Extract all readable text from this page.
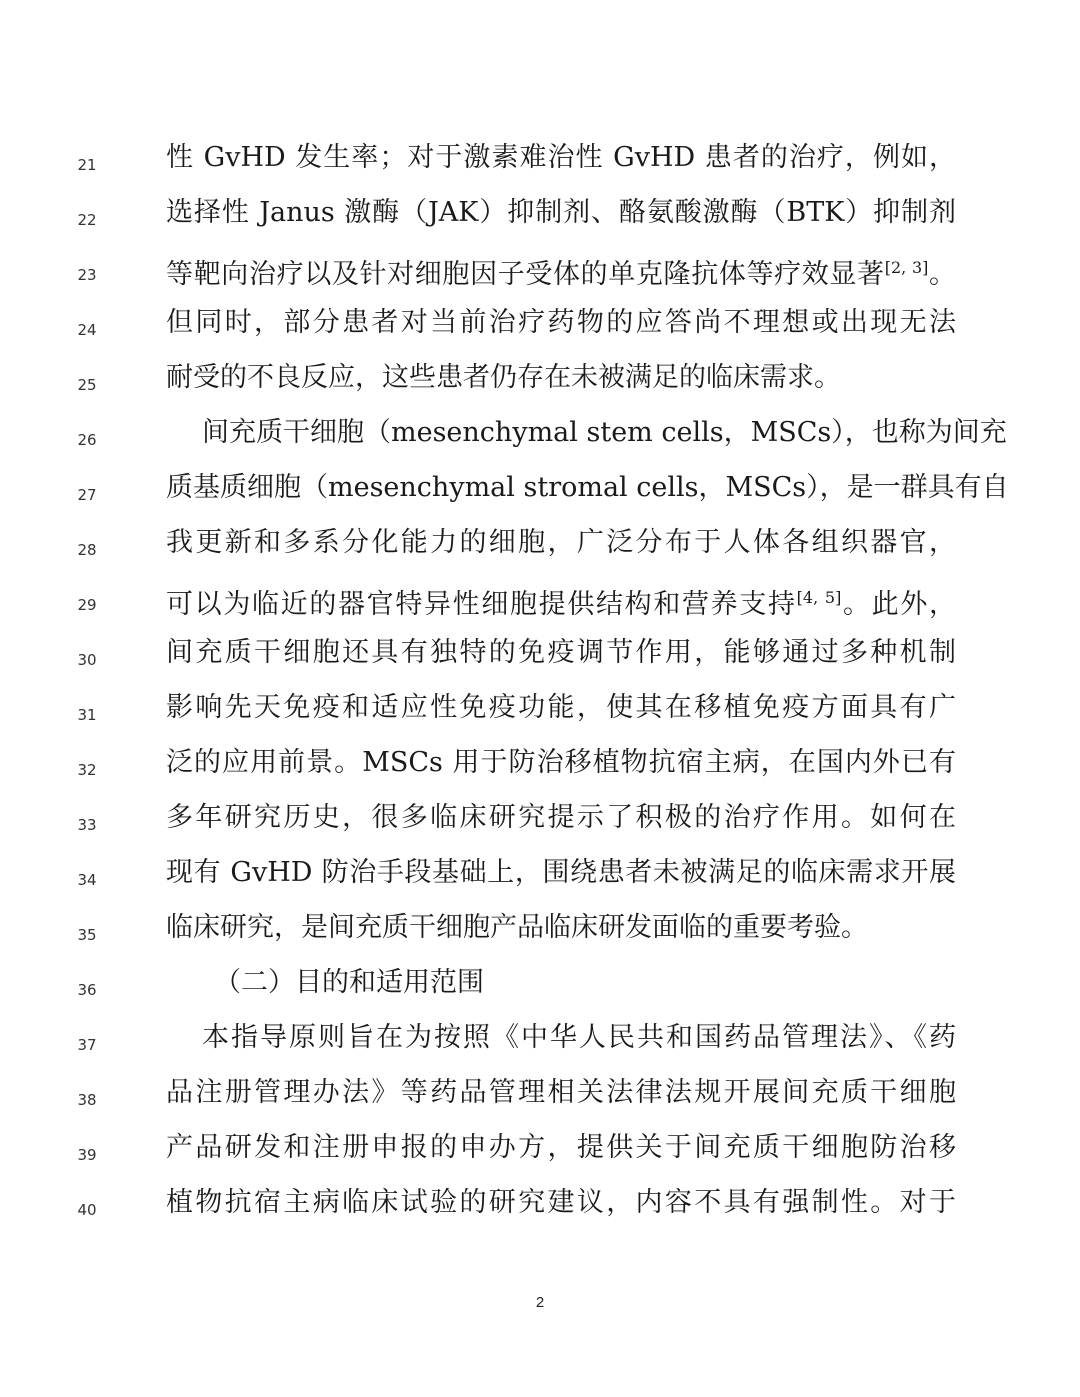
21	性 GvHD 发生率；对于激素难治性 GvHD 患者的治疗，例如，
22	选择性 Janus 激酶（JAK）抑制剂、酪氨酸激酶（BTK）抑制剂
23	等靶向治疗以及针对细胞因子受体的单克隆抗体等疗效显著[2, 3]。
24	但同时，部分患者对当前治疗药物的应答尚不理想或出现无法
25	耐受的不良反应，这些患者仍存在未被满足的临床需求。
26	间充质干细胞（mesenchymal stem cells，MSCs），也称为间充
27	质基质细胞（mesenchymal stromal cells，MSCs），是一群具有自
28	我更新和多系分化能力的细胞，广泛分布于人体各组织器官，
29	可以为临近的器官特异性细胞提供结构和营养支持[4, 5]。此外，
30	间充质干细胞还具有独特的免疫调节作用，能够通过多种机制
31	影响先天免疫和适应性免疫功能，使其在移植免疫方面具有广
32	泛的应用前景。MSCs 用于防治移植物抗宿主病，在国内外已有
33	多年研究历史，很多临床研究提示了积极的治疗作用。如何在
34	现有 GvHD 防治手段基础上，围绕患者未被满足的临床需求开展
35	临床研究，是间充质干细胞产品临床研发面临的重要考验。
36	（二）目的和适用范围
37	本指导原则旨在为按照《中华人民共和国药品管理法》、《药
38	品注册管理办法》等药品管理相关法律法规开展间充质干细胞
39	产品研发和注册申报的申办方，提供关于间充质干细胞防治移
40	植物抗宿主病临床试验的研究建议，内容不具有强制性。对于
2
